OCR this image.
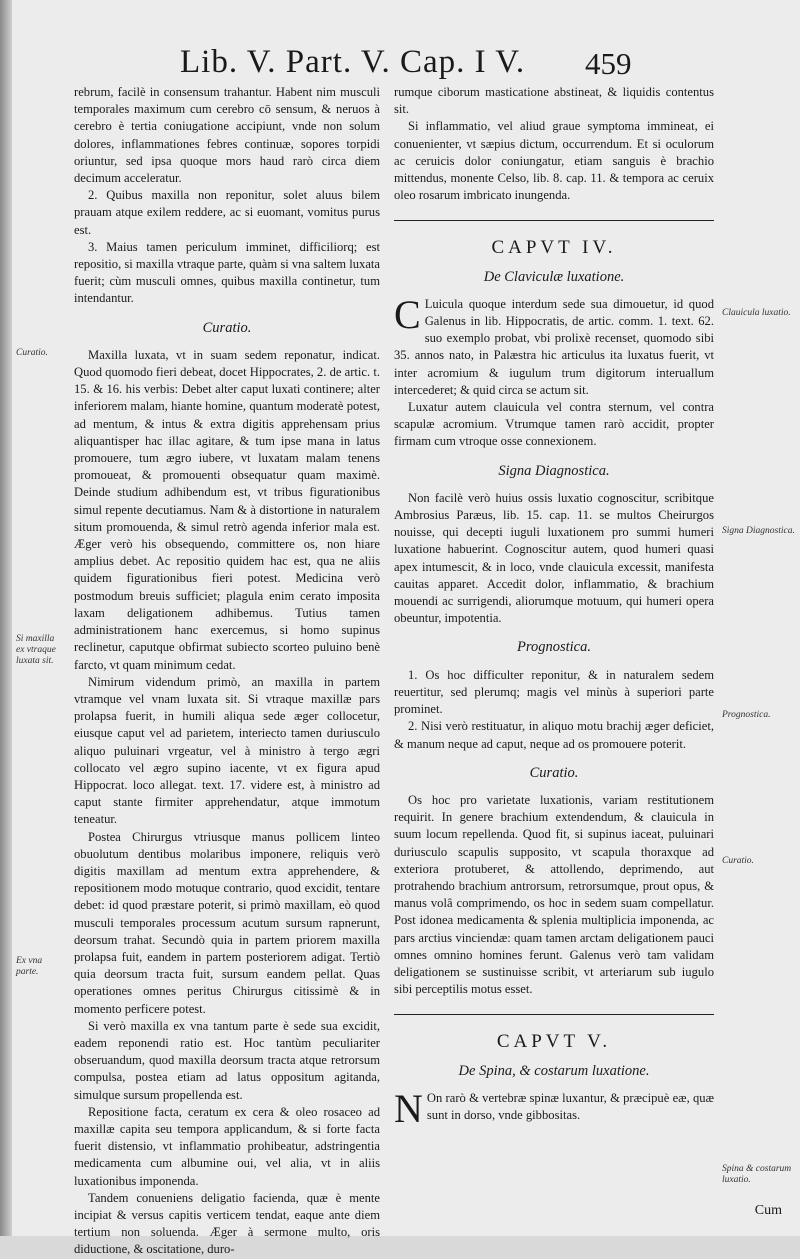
Lib. V. Part. V. Cap. I V. 459

rebrum, facilè in consensum trahantur. Habent nim musculi temporales maximum cum cerebro cō sensum, & neruos à cerebro è tertia coniugatione accipiunt, vnde non solum dolores, inflammationes febres continuæ, sopores torpidi oriuntur, sed ipsa quoque mors haud rarò circa diem decimum acceleratur.

2. Quibus maxilla non reponitur, solet aluus bilem prauam atque exilem reddere, ac si euomant, vomitus purus est.

3. Maius tamen periculum imminet, difficiliorq; est repositio, si maxilla vtraque parte, quàm si vna saltem luxata fuerit; cùm musculi omnes, quibus maxilla continetur, tum intendantur.

Curatio.

Maxilla luxata, vt in suam sedem reponatur, indicat. Quod quomodo fieri debeat, docet Hippocrates, 2. de artic. t. 15. & 16. his verbis: Debet alter caput luxati continere; alter inferiorem malam, hiante homine, quantum moderatè potest, ad mentum, & intus & extra digitis apprehensam prius aliquantisper hac illac agitare, & tum ipse mana in latus promouere, tum ægro iubere, vt luxatam malam tenens promoueat, & promouenti obsequatur quam maximè. Deinde studium adhibendum est, vt tribus figurationibus simul repente decutiamus. Nam & à distortione in naturalem situm promouenda, & simul retrò agenda inferior mala est. Æger verò his obsequendo, committere os, non hiare amplius debet. Ac repositio quidem hac est, qua ne aliis quidem figurationibus fieri potest. Medicina verò postmodum breuis sufficiet; plagula enim cerato imposita laxam deligationem adhibemus. Tutius tamen administrationem hanc exercemus, si homo supinus reclinetur, caputque obfirmat subiecto scorteo puluino benè farcto, vt quam minimum cedat.

Nimirum videndum primò, an maxilla in partem vtramque vel vnam luxata sit. Si vtraque maxillæ pars prolapsa fuerit, in humili aliqua sede æger collocetur, eiusque caput vel ad parietem, interiecto tamen duriusculo aliquo puluinari vrgeatur, vel à ministro à tergo ægri collocato vel ægro supino iacente, vt ex figura apud Hippocrat. loco allegat. text. 17. videre est, à ministro ad caput stante firmiter apprehendatur, atque immotum teneatur.

Postea Chirurgus vtriusque manus pollicem linteo obuolutum dentibus molaribus imponere, reliquis verò digitis maxillam ad mentum extra apprehendere, & repositionem modo motuque contrario, quod excidit, tentare debet: id quod præstare poterit, si primò maxillam, eò quod musculi temporales processum acutum sursum rapnerunt, deorsum trahat. Secundò quia in partem priorem maxilla prolapsa fuit, eandem in partem posteriorem adigat. Tertiò quia deorsum tracta fuit, sursum eandem pellat. Quas operationes omnes peritus Chirurgus citissimè & in momento perficere potest.

Si verò maxilla ex vna tantum parte è sede sua excidit, eadem reponendi ratio est. Hoc tantùm peculiariter obseruandum, quod maxilla deorsum tracta atque retrorsum compulsa, postea etiam ad latus oppositum agitanda, simulque sursum propellenda est.

Repositione facta, ceratum ex cera & oleo rosaceo ad maxillæ capita seu tempora applicandum, & si forte facta fuerit distensio, vt inflammatio prohibeatur, adstringentia medicamenta cum albumine oui, vel alia, vt in aliis luxationibus imponenda.

Tandem conueniens deligatio facienda, quæ è mente incipiat & versus capitis verticem tendat, eaque ante diem tertium non soluenda. Æger à sermone multo, oris diductione, & oscitatione, duro-

rumque ciborum masticatione abstineat, & liquidis contentus sit.

Si inflammatio, vel aliud graue symptoma immineat, ei conuenienter, vt sæpius dictum, occurrendum. Et si oculorum ac ceruicis dolor coniungatur, etiam sanguis è brachio mittendus, monente Celso, lib. 8. cap. 11. & tempora ac ceruix oleo rosarum imbricato inungenda.

CAPVT IV.
De Claviculæ luxatione.

C Luicula quoque interdum sede sua dimouetur, id quod Galenus in lib. Hippocratis, de artic. comm. 1. text. 62. suo exemplo probat, vbi prolixè recenset, quomodo sibi 35. annos nato, in Palæstra hic articulus ita luxatus fuerit, vt inter acromium & iugulum trum digitorum interuallum intercederet; & quid circa se actum sit.

Luxatur autem clauicula vel contra sternum, vel contra scapulæ acromium. Vtrumque tamen rarò accidit, propter firmam cum vtroque osse connexionem.

Signa Diagnostica.

Non facilè verò huius ossis luxatio cognoscitur, scribitque Ambrosius Paræus, lib. 15. cap. 11. se multos Cheirurgos nouisse, qui decepti iuguli luxationem pro summi humeri luxatione habuerint. Cognoscitur autem, quod humeri quasi apex intumescit, & in loco, vnde clauicula excessit, manifesta cauitas apparet. Accedit dolor, inflammatio, & brachium mouendi ac surrigendi, aliorumque motuum, qui humeri opera obeuntur, impotentia.

Prognostica.

1. Os hoc difficulter reponitur, & in naturalem sedem reuertitur, sed plerumq; magis vel minùs à superiori parte prominet.

2. Nisi verò restituatur, in aliquo motu brachij æger deficiet, & manum neque ad caput, neque ad os promouere poterit.

Curatio.

Os hoc pro varietate luxationis, variam restitutionem requirit. In genere brachium extendendum, & clauicula in suum locum repellenda. Quod fit, si supinus iaceat, puluinari duriusculo scapulis supposito, vt scapula thoraxque ad exteriora protuberet, & attollendo, deprimendo, aut protrahendo brachium antrorsum, retrorsumque, prout opus, & manus volâ comprimendo, os hoc in sedem suam compellatur. Post idonea medicamenta & splenia multiplicia imponenda, ac pars arctius vinciendæ: quam tamen arctam deligationem pauci omnes omnino homines ferunt. Galenus verò tam validam deligationem se sustinuisse scribit, vt arteriarum sub iugulo sibi perceptilis motus esset.

CAPVT V.
De Spina, & costarum luxatione.

N On rarò & vertebræ spinæ luxantur, & præcipuè eæ, quæ sunt in dorso, vnde gibbositas.

Curatio.
Si maxilla ex vtraque luxata sit.
Ex vna parte.
Clauicula luxatio.
Signa Diagnostica.
Prognostica.
Curatio.
Spina & costarum luxatio.
Cum
